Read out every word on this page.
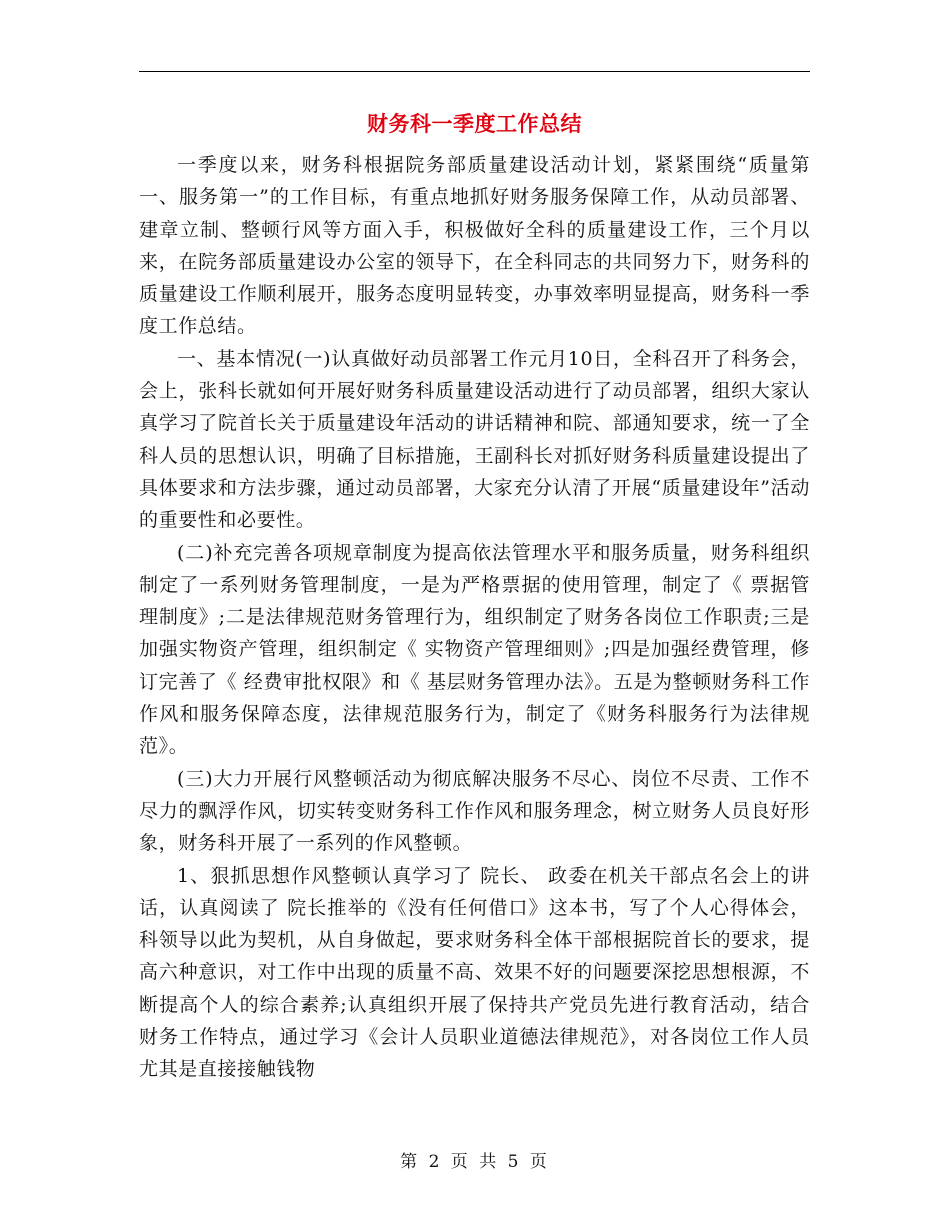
财务科一季度工作总结

一季度以来，财务科根据院务部质量建设活动计划，紧紧围绕“质量第一、服务第一”的工作目标，有重点地抓好财务服务保障工作，从动员部署、建章立制、整顿行风等方面入手，积极做好全科的质量建设工作，三个月以来，在院务部质量建设办公室的领导下，在全科同志的共同努力下，财务科的质量建设工作顺利展开，服务态度明显转变，办事效率明显提高，财务科一季度工作总结。

一、基本情况(一)认真做好动员部署工作元月10日，全科召开了科务会，会上，张科长就如何开展好财务科质量建设活动进行了动员部署，组织大家认真学习了院首长关于质量建设年活动的讲话精神和院、部通知要求，统一了全科人员的思想认识，明确了目标措施，王副科长对抓好财务科质量建设提出了具体要求和方法步骤，通过动员部署，大家充分认清了开展“质量建设年”活动的重要性和必要性。

(二)补充完善各项规章制度为提高依法管理水平和服务质量，财务科组织制定了一系列财务管理制度，一是为严格票据的使用管理，制定了《 票据管理制度》;二是法律规范财务管理行为，组织制定了财务各岗位工作职责;三是加强实物资产管理，组织制定《 实物资产管理细则》;四是加强经费管理，修订完善了《 经费审批权限》和《 基层财务管理办法》。五是为整顿财务科工作作风和服务保障态度，法律规范服务行为，制定了《财务科服务行为法律规范》。

(三)大力开展行风整顿活动为彻底解决服务不尽心、岗位不尽责、工作不尽力的飘浮作风，切实转变财务科工作作风和服务理念，树立财务人员良好形象，财务科开展了一系列的作风整顿。

1、狠抓思想作风整顿认真学习了 院长、 政委在机关干部点名会上的讲话，认真阅读了 院长推举的《没有任何借口》这本书，写了个人心得体会，科领导以此为契机，从自身做起，要求财务科全体干部根据院首长的要求，提高六种意识，对工作中出现的质量不高、效果不好的问题要深挖思想根源，不断提高个人的综合素养;认真组织开展了保持共产党员先进行教育活动，结合财务工作特点，通过学习《会计人员职业道德法律规范》，对各岗位工作人员尤其是直接接触钱物

第 2 页 共 5 页
